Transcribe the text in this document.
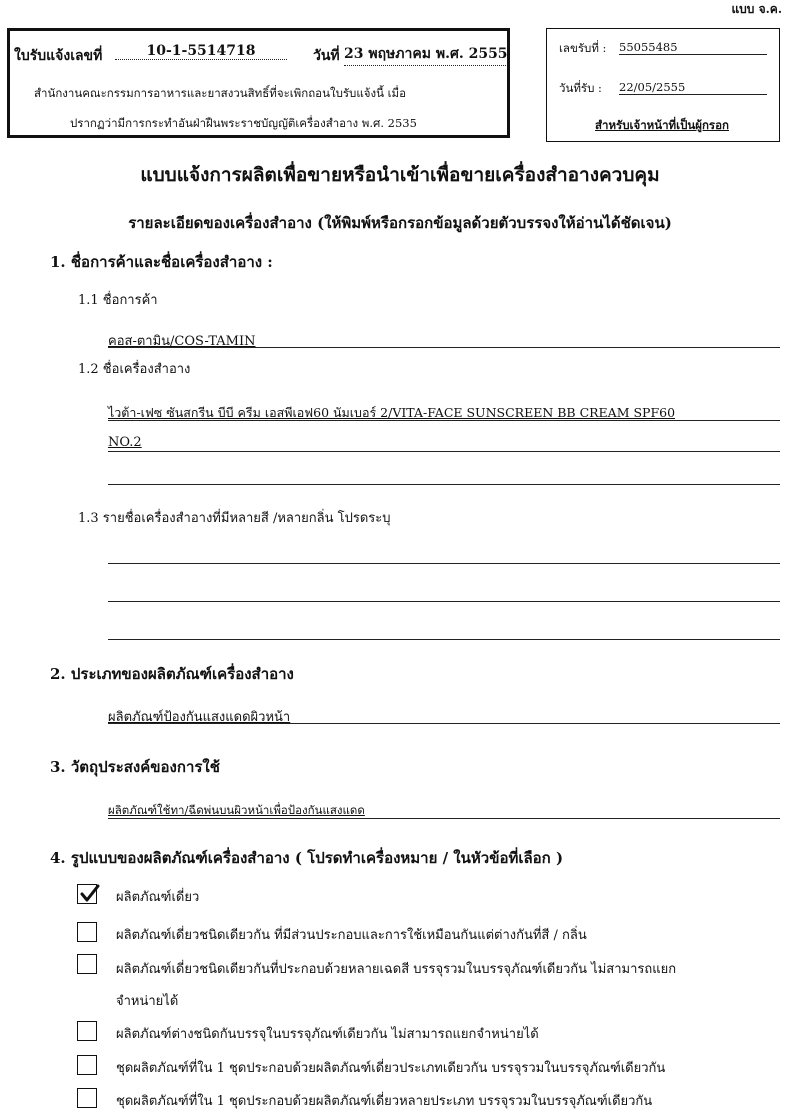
แบบ จ.ค.
ใบรับแจ้งเลขที่	10-1-5514718	วันที่ 23 พฤษภาคม พ.ศ. 2555
สำนักงานคณะกรรมการอาหารและยาสงวนสิทธิ์ที่จะเพิกถอนใบรับแจ้งนี้ เมื่อ
ปรากฏว่ามีการกระทำอันฝ่าฝืนพระราชบัญญัติเครื่องสำอาง พ.ศ. 2535
เลขรับที่ : 55055485
วันที่รับ : 22/05/2555
สำหรับเจ้าหน้าที่เป็นผู้กรอก
แบบแจ้งการผลิตเพื่อขายหรือนำเข้าเพื่อขายเครื่องสำอางควบคุม
รายละเอียดของเครื่องสำอาง (ให้พิมพ์หรือกรอกข้อมูลด้วยตัวบรรจงให้อ่านได้ชัดเจน)
1. ชื่อการค้าและชื่อเครื่องสำอาง :
1.1 ชื่อการค้า
คอส-ตามิน/COS-TAMIN
1.2 ชื่อเครื่องสำอาง
ไวต้า-เฟซ ซันสกรีน บีบี ครีม เอสพีเอฟ60 นัมเบอร์ 2/VITA-FACE SUNSCREEN BB CREAM SPF60
NO.2
1.3 รายชื่อเครื่องสำอางที่มีหลายสี /หลายกลิ่น โปรดระบุ
2. ประเภทของผลิตภัณฑ์เครื่องสำอาง
ผลิตภัณฑ์ป้องกันแสงแดดผิวหน้า
3. วัตถุประสงค์ของการใช้
ผลิตภัณฑ์ใช้ทา/ฉีดพ่นบนผิวหน้าเพื่อป้องกันแสงแดด
4. รูปแบบของผลิตภัณฑ์เครื่องสำอาง ( โปรดทำเครื่องหมาย / ในหัวข้อที่เลือก )
ผลิตภัณฑ์เดี่ยว
ผลิตภัณฑ์เดี่ยวชนิดเดียวกัน ที่มีส่วนประกอบและการใช้เหมือนกันแต่ต่างกันที่สี / กลิ่น
ผลิตภัณฑ์เดี่ยวชนิดเดียวกันที่ประกอบด้วยหลายเฉดสี บรรจุรวมในบรรจุภัณฑ์เดียวกัน ไม่สามารถแยก
จำหน่ายได้
ผลิตภัณฑ์ต่างชนิดกันบรรจุในบรรจุภัณฑ์เดียวกัน ไม่สามารถแยกจำหน่ายได้
ชุดผลิตภัณฑ์ที่ใน 1 ชุดประกอบด้วยผลิตภัณฑ์เดี่ยวประเภทเดียวกัน บรรจุรวมในบรรจุภัณฑ์เดียวกัน
ชุดผลิตภัณฑ์ที่ใน 1 ชุดประกอบด้วยผลิตภัณฑ์เดี่ยวหลายประเภท บรรจุรวมในบรรจุภัณฑ์เดียวกัน
